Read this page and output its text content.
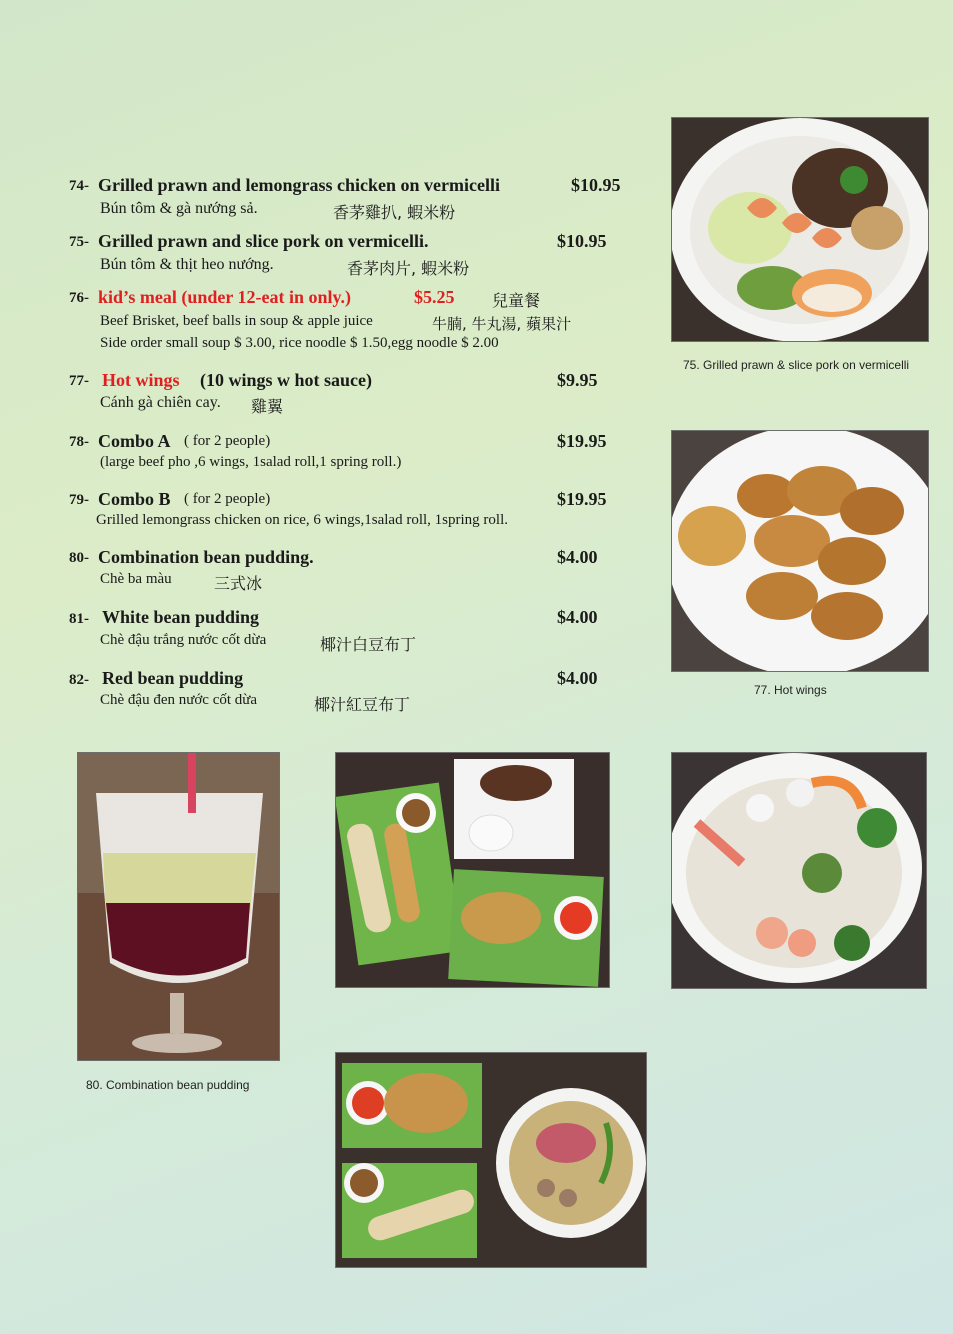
74- Grilled prawn and lemongrass chicken on vermicelli	$10.95
Bún tôm & gà nướng sả.	香茅雞扒, 蝦米粉
75- Grilled prawn and slice pork on vermicelli.	$10.95
Bún tôm & thịt heo nướng.	香茅肉片, 蝦米粉
76- kid’s meal (under 12-eat in only.)	$5.25 兒童餐
Beef Brisket, beef balls in soup & apple juice	牛腩, 牛丸湯, 蘋果汁
Side order small soup $ 3.00, rice noodle $ 1.50,egg noodle $ 2.00
77- Hot wings (10 wings w hot sauce)	$9.95
Cánh gà chiên cay. 雞翼
78- Combo A ( for 2 people)	$19.95
(large beef pho ,6 wings, 1salad roll,1 spring roll.)
79- Combo B ( for 2 people)	$19.95
Grilled lemongrass chicken on rice, 6 wings,1salad roll, 1spring roll.
80- Combination bean pudding.	$4.00
Chè ba màu	三式冰
81- White bean pudding	$4.00
Chè đậu trắng nước cốt dừa	椰汁白豆布丁
82- Red bean pudding	$4.00
Chè đậu đen nước cốt dừa	椰汁紅豆布丁
75. Grilled prawn & slice pork on vermicelli
77. Hot wings
80. Combination bean pudding
